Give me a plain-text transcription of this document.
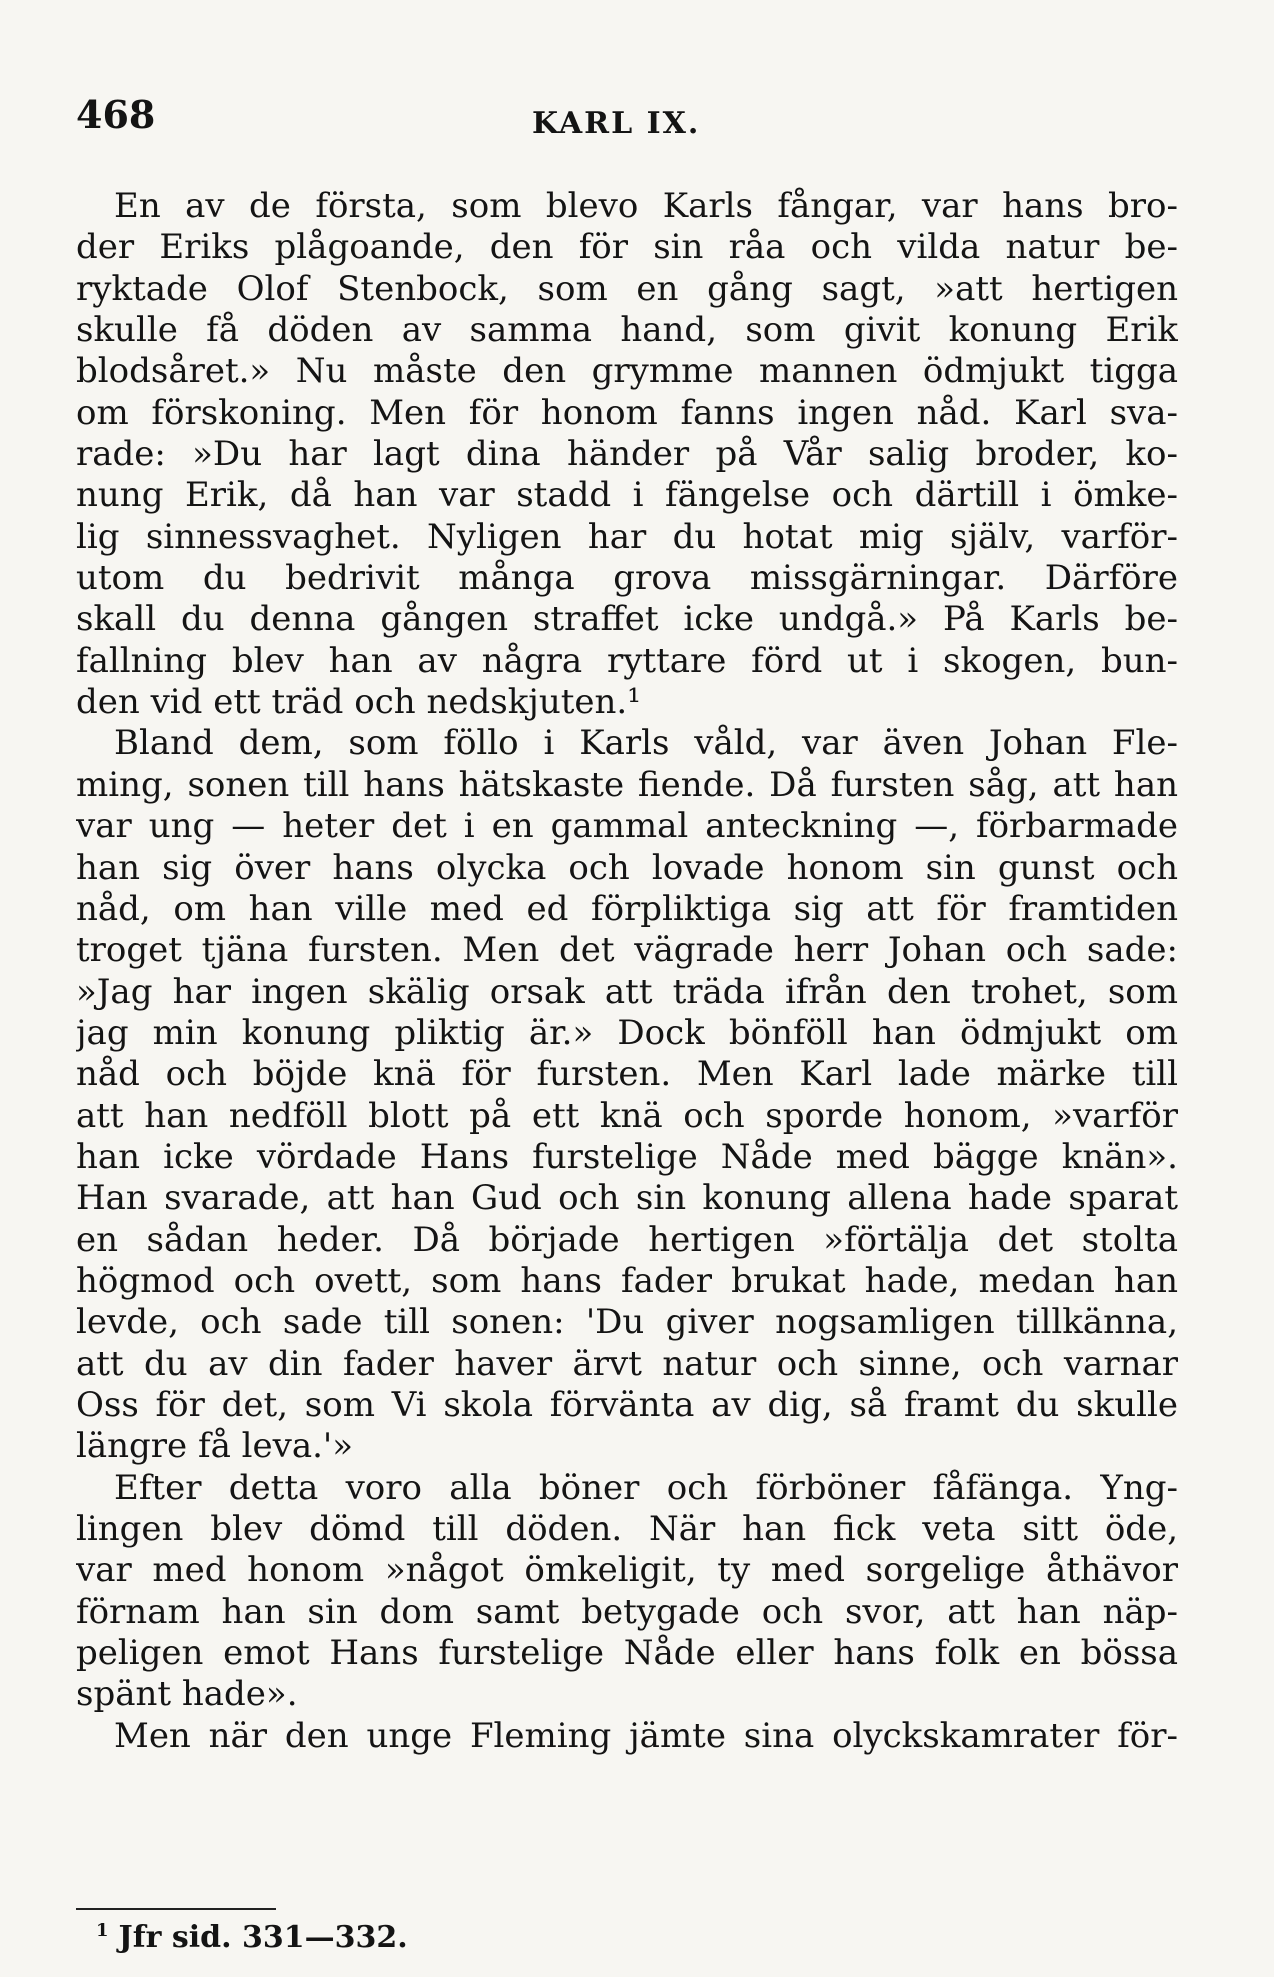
468	KARL IX.
En av de första, som blevo Karls fångar, var hans bro‑
der Eriks plågoande, den för sin råa och vilda natur be-
ryktade Olof Stenbock, som en gång sagt, »att hertigen
skulle få döden av samma hand, som givit konung Erik
blodsåret.» Nu måste den grymme mannen ödmjukt tigga
om förskoning. Men för honom fanns ingen nåd. Karl sva-
rade: »Du har lagt dina händer på Vår salig broder, ko-
nung Erik, då han var stadd i fängelse och därtill i ömke-
lig sinnessvaghet. Nyligen har du hotat mig själv, varför-
utom du bedrivit många grova missgärningar. Därföre
skall du denna gången straffet icke undgå.» På Karls be-
fallning blev han av några ryttare förd ut i skogen, bun-
den vid ett träd och nedskjuten.¹
Bland dem, som föllo i Karls våld, var även Johan Fle-
ming, sonen till hans hätskaste fiende. Då fursten såg, att han
var ung — heter det i en gammal anteckning —, förbarmade
han sig över hans olycka och lovade honom sin gunst och
nåd, om han ville med ed förpliktiga sig att för framtiden
troget tjäna fursten. Men det vägrade herr Johan och sade:
»Jag har ingen skälig orsak att träda ifrån den trohet, som
jag min konung pliktig är.» Dock bönföll han ödmjukt om
nåd och böjde knä för fursten. Men Karl lade märke till
att han nedföll blott på ett knä och sporde honom, »varför
han icke vördade Hans furstelige Nåde med bägge knän».
Han svarade, att han Gud och sin konung allena hade sparat
en sådan heder. Då började hertigen »förtälja det stolta
högmod och ovett, som hans fader brukat hade, medan han
levde, och sade till sonen: 'Du giver nogsamligen tillkänna,
att du av din fader haver ärvt natur och sinne, och varnar
Oss för det, som Vi skola förvänta av dig, så framt du skulle
längre få leva.'»
Efter detta voro alla böner och förböner fåfänga. Yng-
lingen blev dömd till döden. När han fick veta sitt öde,
var med honom »något ömkeligit, ty med sorgelige åthävor
förnam han sin dom samt betygade och svor, att han näp-
peligen emot Hans furstelige Nåde eller hans folk en bössa
spänt hade».
Men när den unge Fleming jämte sina olyckskamrater för-
$^1$ Jfr sid. 331—332.
